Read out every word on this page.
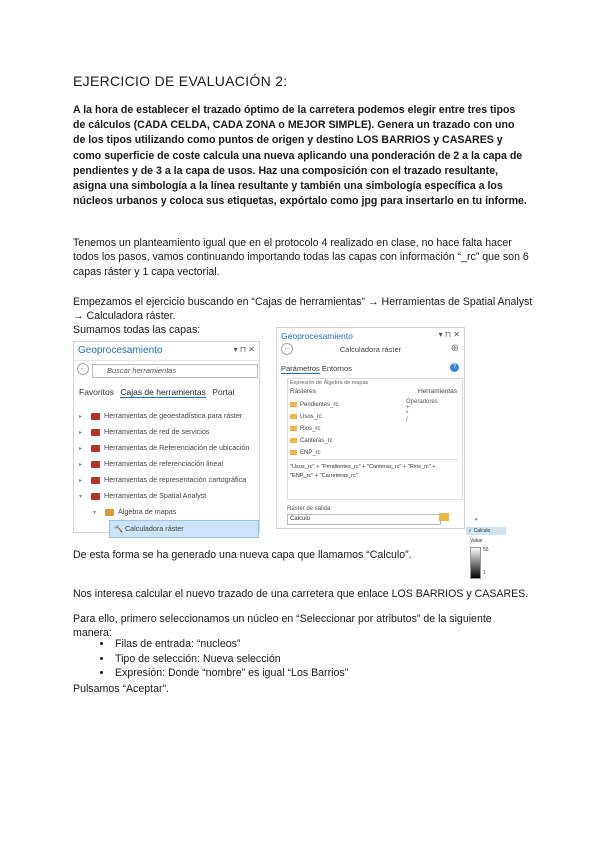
EJERCICIO DE EVALUACIÓN 2:
A la hora de establecer el trazado óptimo de la carretera podemos elegir entre tres tipos de cálculos (CADA CELDA, CADA ZONA o MEJOR SIMPLE). Genera un trazado con uno de los tipos utilizando como puntos de origen y destino LOS BARRIOS y CASARES y como superficie de coste calcula una nueva aplicando una ponderación de 2 a la capa de pendientes y de 3 a la capa de usos. Haz una composición con el trazado resultante, asigna una simbología a la línea resultante y también una simbología específica a los núcleos urbanos y coloca sus etiquetas, expórtalo como jpg para insertarlo en tu informe.
Tenemos un planteamiento igual que en el protocolo 4 realizado en clase, no hace falta hacer todos los pasos, vamos continuando importando todas las capas con información “_rc” que son 6 capas ráster y 1 capa vectorial.
Empezamos el ejercicio buscando en “Cajas de herramientas” → Herramientas de Spatial Analyst → Calculadora ráster.
Sumamos todas las capas:
Geoprocesamiento	▾ ⊓ ✕
←	Buscar herramientas
Favoritos Cajas de herramientas Portal
▸	Herramientas de geoestadística para ráster
▸	Herramientas de red de servicios
▸	Herramientas de Referenciación de ubicación
▸	Herramientas de referenciación lineal
▸	Herramientas de representación cartográfica
▾	Herramientas de Spatial Analyst
▾	Álgebra de mapas
🔨 Calculadora ráster
Geoprocesamiento	▾ ⊓ ✕
←	Calculadora ráster	⊕
Parámetros Entornos	?
Expresión de Álgebra de mapas
Rásteres	Herramientas
Pendientes_rc
Usos_rc
Rios_rc
Canteras_rc
ENP_rc
Operadores
+
*
/
"Usos_rc" + "Pendientes_rc" + "Canteras_rc" + "Rios_rc" + "ENP_rc" + "Carreteras_rc"
Ráster de salida
Calculo	▾
✓ Calculo
Value
55
1
De esta forma se ha generado una nueva capa que llamamos “Calculo”.
Nos interesa calcular el nuevo trazado de una carretera que enlace LOS BARRIOS y CASARES.
Para ello, primero seleccionamos un núcleo en “Seleccionar por atributos” de la siguiente manera:
• Filas de entrada: “nucleos”
• Tipo de selección: Nueva selección
• Expresión: Donde “nombre” es igual “Los Barrios”
Pulsamos “Aceptar”.
